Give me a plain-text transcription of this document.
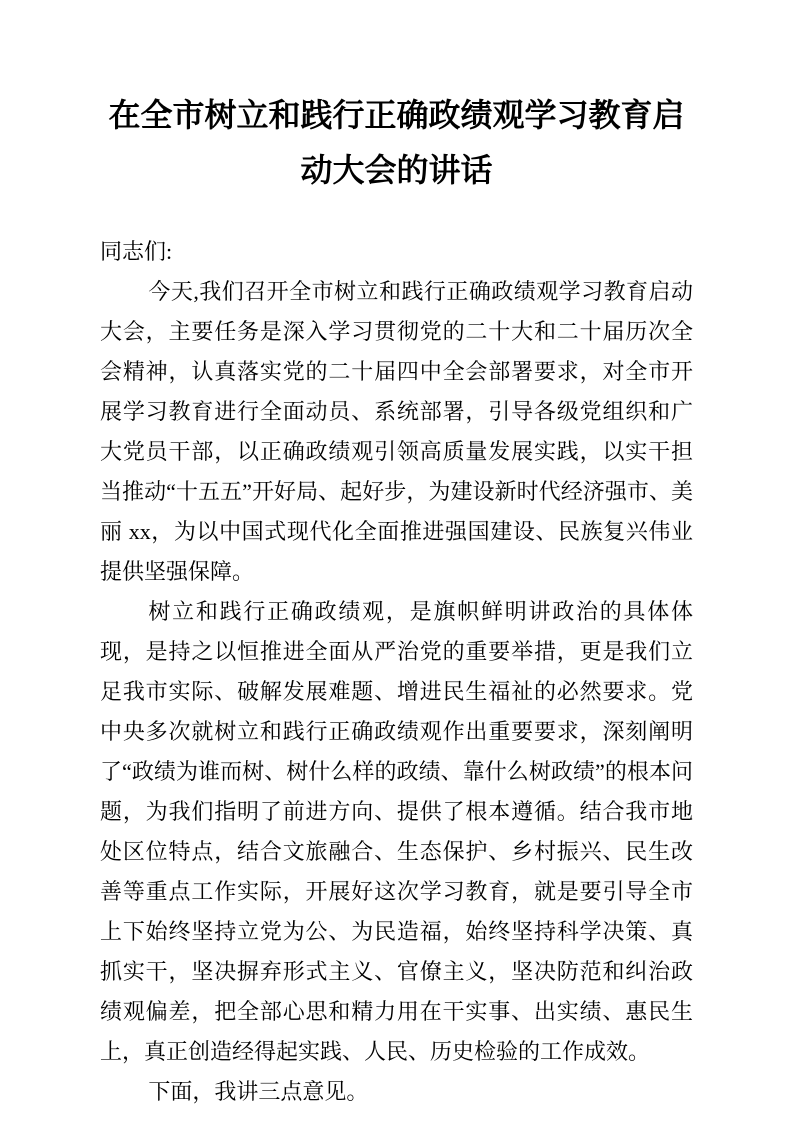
在全市树立和践行正确政绩观学习教育启动大会的讲话

同志们:

今天,我们召开全市树立和践行正确政绩观学习教育启动大会，主要任务是深入学习贯彻党的二十大和二十届历次全会精神，认真落实党的二十届四中全会部署要求，对全市开展学习教育进行全面动员、系统部署，引导各级党组织和广大党员干部，以正确政绩观引领高质量发展实践，以实干担当推动“十五五”开好局、起好步，为建设新时代经济强市、美丽 xx，为以中国式现代化全面推进强国建设、民族复兴伟业提供坚强保障。

树立和践行正确政绩观，是旗帜鲜明讲政治的具体体现，是持之以恒推进全面从严治党的重要举措，更是我们立足我市实际、破解发展难题、增进民生福祉的必然要求。党中央多次就树立和践行正确政绩观作出重要要求，深刻阐明了“政绩为谁而树、树什么样的政绩、靠什么树政绩”的根本问题，为我们指明了前进方向、提供了根本遵循。结合我市地处区位特点，结合文旅融合、生态保护、乡村振兴、民生改善等重点工作实际，开展好这次学习教育，就是要引导全市上下始终坚持立党为公、为民造福，始终坚持科学决策、真抓实干，坚决摒弃形式主义、官僚主义，坚决防范和纠治政绩观偏差，把全部心思和精力用在干实事、出实绩、惠民生上，真正创造经得起实践、人民、历史检验的工作成效。

下面，我讲三点意见。
